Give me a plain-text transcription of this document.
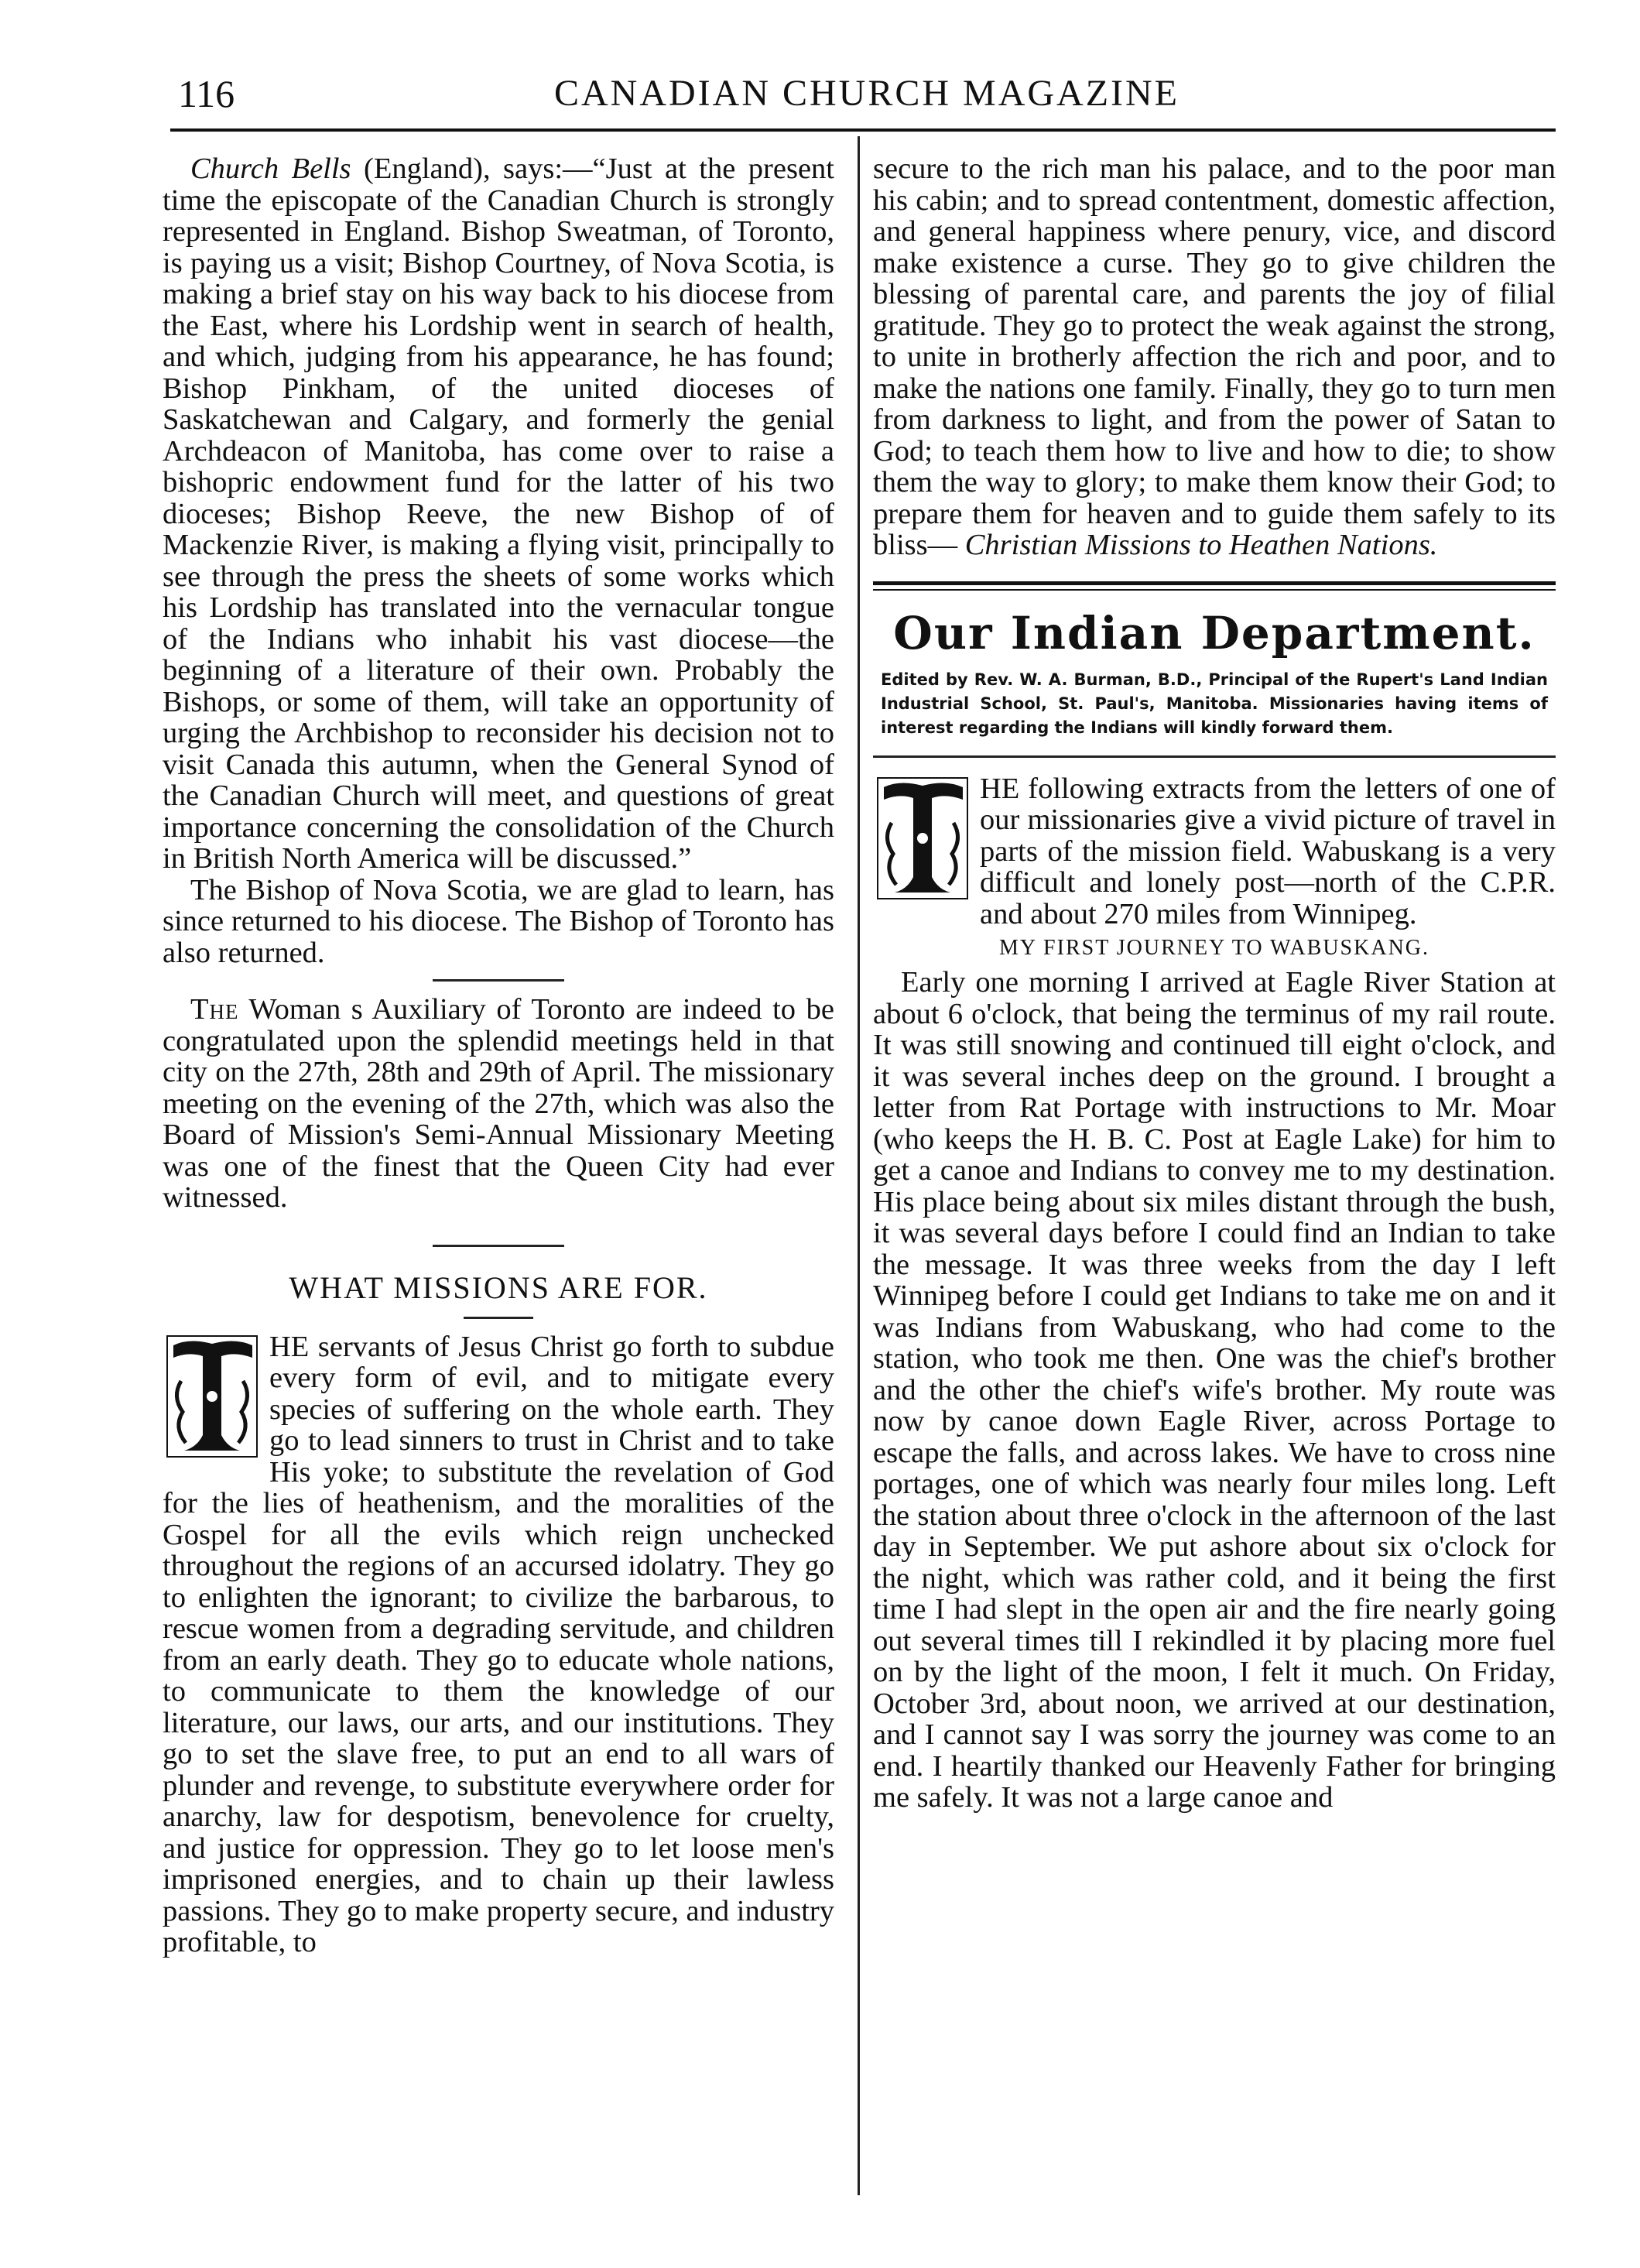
116	CANADIAN CHURCH MAGAZINE

Church Bells (England), says:—“Just at the present time the episcopate of the Canadian Church is strongly represented in England. Bishop Sweatman, of Toronto, is paying us a visit; Bishop Courtney, of Nova Scotia, is making a brief stay on his way back to his diocese from the East, where his Lordship went in search of health, and which, judging from his appearance, he has found; Bishop Pinkham, of the united dioceses of Saskatchewan and Calgary, and formerly the genial Archdeacon of Manitoba, has come over to raise a bishopric endowment fund for the latter of his two dioceses; Bishop Reeve, the new Bishop of of Mackenzie River, is making a flying visit, principally to see through the press the sheets of some works which his Lordship has translated into the vernacular tongue of the Indians who inhabit his vast diocese—the beginning of a literature of their own. Probably the Bishops, or some of them, will take an opportunity of urging the Archbishop to reconsider his decision not to visit Canada this autumn, when the General Synod of the Canadian Church will meet, and questions of great importance concerning the consolidation of the Church in British North America will be discussed.”

The Bishop of Nova Scotia, we are glad to learn, has since returned to his diocese. The Bishop of Toronto has also returned.

The Woman s Auxiliary of Toronto are indeed to be congratulated upon the splendid meetings held in that city on the 27th, 28th and 29th of April. The missionary meeting on the evening of the 27th, which was also the Board of Mission's Semi-Annual Missionary Meeting was one of the finest that the Queen City had ever witnessed.

WHAT MISSIONS ARE FOR.

HE servants of Jesus Christ go forth to subdue every form of evil, and to mitigate every species of suffering on the whole earth. They go to lead sinners to trust in Christ and to take His yoke; to substitute the revelation of God for the lies of heathenism, and the moralities of the Gospel for all the evils which reign unchecked throughout the regions of an accursed idolatry. They go to enlighten the ignorant; to civilize the barbarous, to rescue women from a degrading servitude, and children from an early death. They go to educate whole nations, to communicate to them the knowledge of our literature, our laws, our arts, and our institutions. They go to set the slave free, to put an end to all wars of plunder and revenge, to substitute everywhere order for anarchy, law for despotism, benevolence for cruelty, and justice for oppression. They go to let loose men's imprisoned energies, and to chain up their lawless passions. They go to make property secure, and industry profitable, to

secure to the rich man his palace, and to the poor man his cabin; and to spread contentment, domestic affection, and general happiness where penury, vice, and discord make existence a curse. They go to give children the blessing of parental care, and parents the joy of filial gratitude. They go to protect the weak against the strong, to unite in brotherly affection the rich and poor, and to make the nations one family. Finally, they go to turn men from darkness to light, and from the power of Satan to God; to teach them how to live and how to die; to show them the way to glory; to make them know their God; to prepare them for heaven and to guide them safely to its bliss— Christian Missions to Heathen Nations.

Our Indian Department.
Edited by Rev. W. A. Burman, B.D., Principal of the Rupert's Land Indian Industrial School, St. Paul's, Manitoba. Missionaries having items of interest regarding the Indians will kindly forward them.

HE following extracts from the letters of one of our missionaries give a vivid picture of travel in parts of the mission field. Wabuskang is a very difficult and lonely post—north of the C.P.R. and about 270 miles from Winnipeg.

MY FIRST JOURNEY TO WABUSKANG.

Early one morning I arrived at Eagle River Station at about 6 o'clock, that being the terminus of my rail route. It was still snowing and continued till eight o'clock, and it was several inches deep on the ground. I brought a letter from Rat Portage with instructions to Mr. Moar (who keeps the H. B. C. Post at Eagle Lake) for him to get a canoe and Indians to convey me to my destination. His place being about six miles distant through the bush, it was several days before I could find an Indian to take the message. It was three weeks from the day I left Winnipeg before I could get Indians to take me on and it was Indians from Wabuskang, who had come to the station, who took me then. One was the chief's brother and the other the chief's wife's brother. My route was now by canoe down Eagle River, across Portage to escape the falls, and across lakes. We have to cross nine portages, one of which was nearly four miles long. Left the station about three o'clock in the afternoon of the last day in September. We put ashore about six o'clock for the night, which was rather cold, and it being the first time I had slept in the open air and the fire nearly going out several times till I rekindled it by placing more fuel on by the light of the moon, I felt it much. On Friday, October 3rd, about noon, we arrived at our destination, and I cannot say I was sorry the journey was come to an end. I heartily thanked our Heavenly Father for bringing me safely. It was not a large canoe and
